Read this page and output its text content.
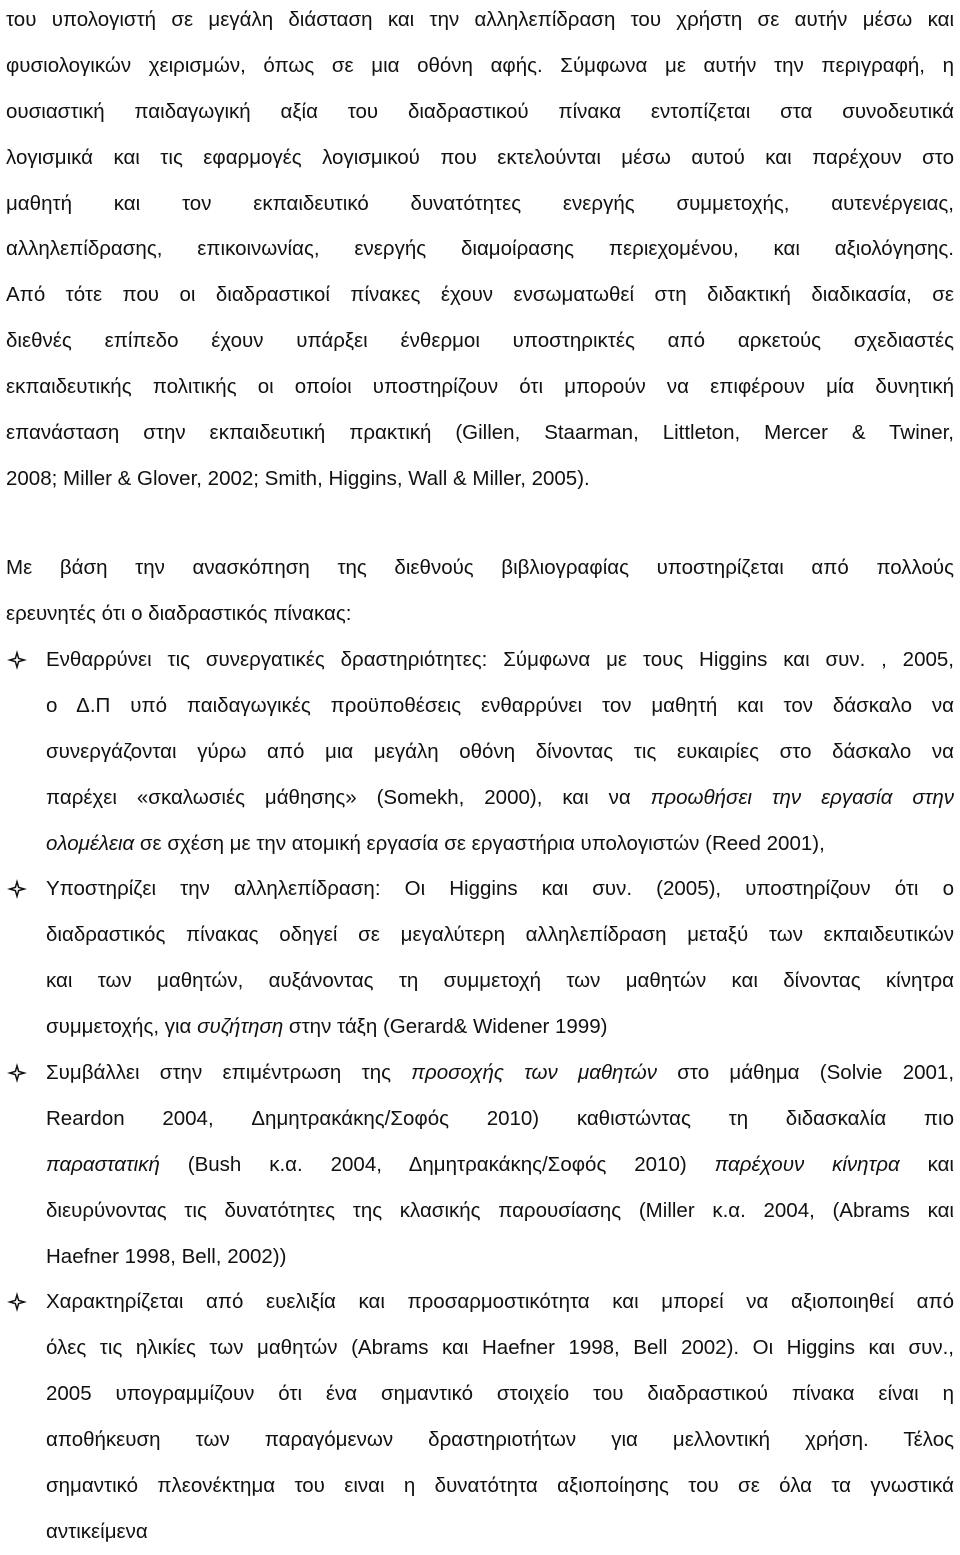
του υπολογιστή σε μεγάλη διάσταση και την αλληλεπίδραση του χρήστη σε αυτήν μέσω και
φυσιολογικών χειρισμών, όπως σε μια οθόνη αφής. Σύμφωνα με αυτήν την περιγραφή, η
ουσιαστική παιδαγωγική αξία του διαδραστικού πίνακα εντοπίζεται στα συνοδευτικά
λογισμικά και τις εφαρμογές λογισμικού που εκτελούνται μέσω αυτού και παρέχουν στο
μαθητή και τον εκπαιδευτικό δυνατότητες ενεργής συμμετοχής, αυτενέργειας,
αλληλεπίδρασης, επικοινωνίας, ενεργής διαμοίρασης περιεχομένου, και αξιολόγησης.
Από τότε που οι διαδραστικοί πίνακες έχουν ενσωματωθεί στη διδακτική διαδικασία, σε
διεθνές επίπεδο έχουν υπάρξει ένθερμοι υποστηρικτές από αρκετούς σχεδιαστές
εκπαιδευτικής πολιτικής οι οποίοι υποστηρίζουν ότι μπορούν να επιφέρουν μία δυνητική
επανάσταση στην εκπαιδευτική πρακτική (Gillen, Staarman, Littleton, Mercer & Twiner,
2008; Miller & Glover, 2002; Smith, Higgins, Wall & Miller, 2005).
Με βάση την ανασκόπηση της διεθνούς βιβλιογραφίας υποστηρίζεται από πολλούς
ερευνητές ότι ο διαδραστικός πίνακας:
Ενθαρρύνει τις συνεργατικές δραστηριότητες: Σύμφωνα με τους Higgins και συν. , 2005,
ο Δ.Π υπό παιδαγωγικές προϋποθέσεις ενθαρρύνει τον μαθητή και τον δάσκαλο να
συνεργάζονται γύρω από μια μεγάλη οθόνη δίνοντας τις ευκαιρίες στο δάσκαλο να
παρέχει «σκαλωσιές μάθησης» (Somekh, 2000), και να προωθήσει την εργασία στην
ολομέλεια σε σχέση με την ατομική εργασία σε εργαστήρια υπολογιστών (Reed 2001),
Υποστηρίζει την αλληλεπίδραση: Οι Higgins και συν. (2005), υποστηρίζουν ότι ο
διαδραστικός πίνακας οδηγεί σε μεγαλύτερη αλληλεπίδραση μεταξύ των εκπαιδευτικών
και των μαθητών, αυξάνοντας τη συμμετοχή των μαθητών και δίνοντας κίνητρα
συμμετοχής, για συζήτηση στην τάξη (Gerard& Widener 1999)
Συμβάλλει στην επιμέντρωση της προσοχής των μαθητών στο μάθημα (Solvie 2001,
Reardon 2004, Δημητρακάκης/Σοφός 2010) καθιστώντας τη διδασκαλία πιο
παραστατική (Bush κ.α. 2004, Δημητρακάκης/Σοφός 2010) παρέχουν κίνητρα και
διευρύνοντας τις δυνατότητες της κλασικής παρουσίασης (Miller κ.α. 2004, (Abrams και
Haefner 1998, Bell, 2002))
Χαρακτηρίζεται από ευελιξία και προσαρμοστικότητα και μπορεί να αξιοποιηθεί από
όλες τις ηλικίες των μαθητών (Abrams και Haefner 1998, Bell 2002). Οι Higgins και συν.,
2005 υπογραμμίζουν ότι ένα σημαντικό στοιχείο του διαδραστικού πίνακα είναι η
αποθήκευση των παραγόμενων δραστηριοτήτων για μελλοντική χρήση. Τέλος
σημαντικό πλεονέκτημα του ειναι η δυνατότητα αξιοποίησης του σε όλα τα γνωστικά
αντικείμενα
